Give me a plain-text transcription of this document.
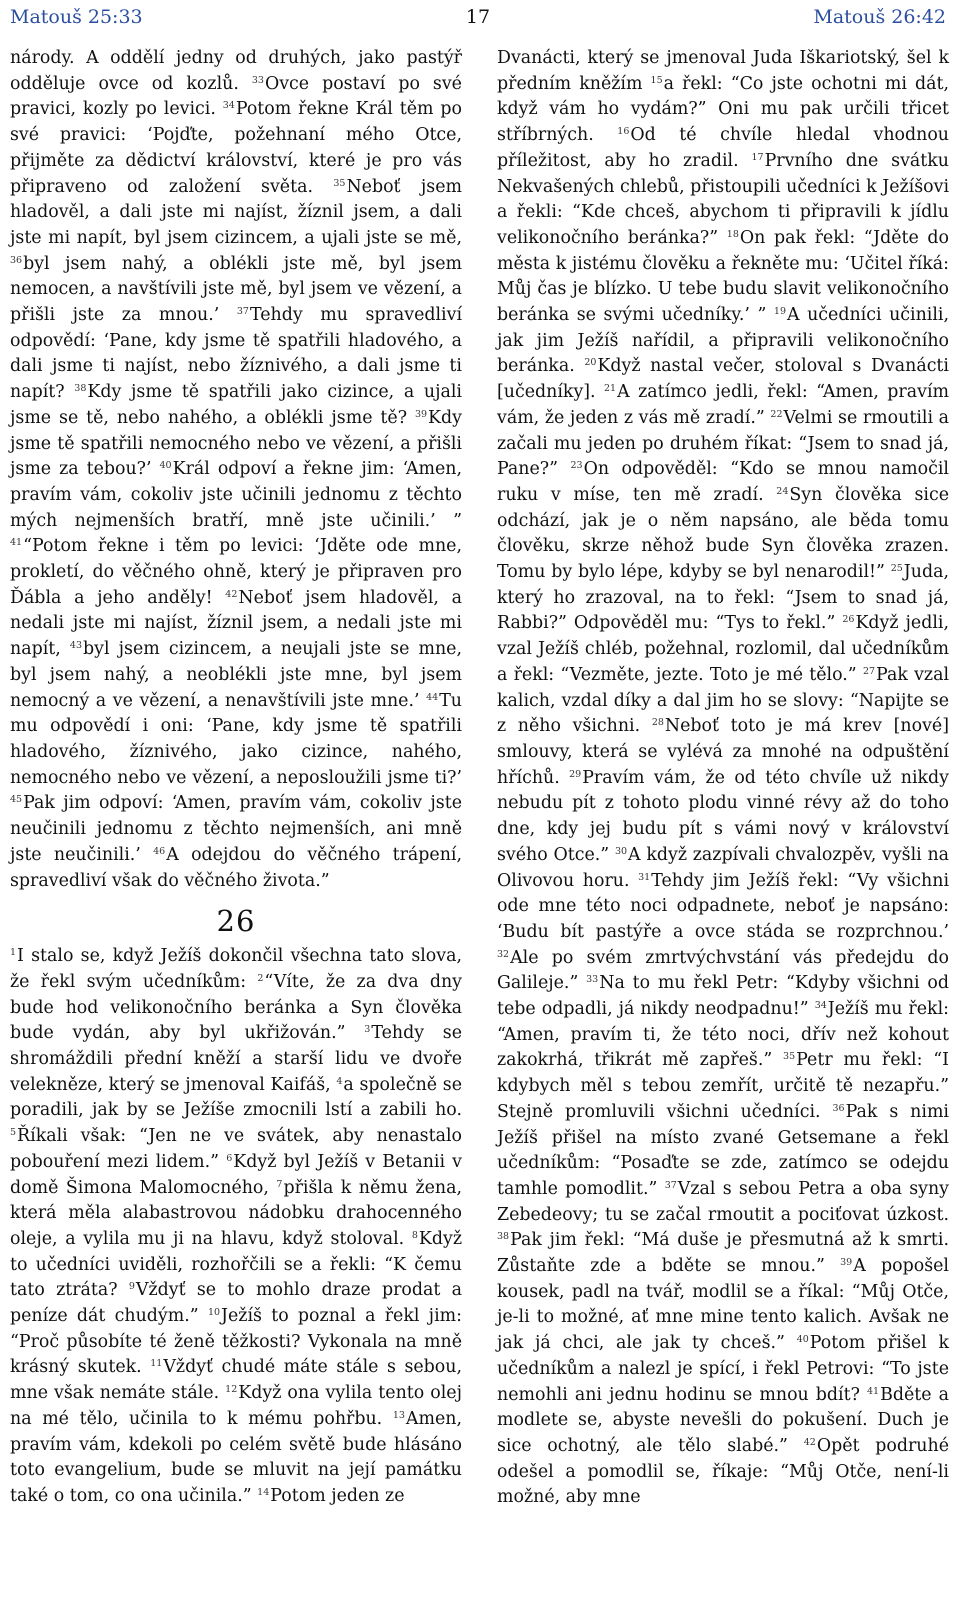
Matouš 25:33	17	Matouš 26:42

národy. A oddělí jedny od druhých, jako pastýř odděluje ovce od kozlů. $^{33}$Ovce postaví po své pravici, kozly po levici. $^{34}$Potom řekne Král těm po své pravici: ‘Pojďte, požehnaní mého Otce, přijměte za dědictví království, které je pro vás připraveno od založení světa. $^{35}$Neboť jsem hladověl, a dali jste mi najíst, žíznil jsem, a dali jste mi napít, byl jsem cizincem, a ujali jste se mě, $^{36}$byl jsem nahý, a oblékli jste mě, byl jsem nemocen, a navštívili jste mě, byl jsem ve vězení, a přišli jste za mnou.’ $^{37}$Tehdy mu spravedliví odpovědí: ‘Pane, kdy jsme tě spatřili hladového, a dali jsme ti najíst, nebo žíznivého, a dali jsme ti napít? $^{38}$Kdy jsme tě spatřili jako cizince, a ujali jsme se tě, nebo nahého, a oblékli jsme tě? $^{39}$Kdy jsme tě spatřili nemocného nebo ve vězení, a přišli jsme za tebou?’ $^{40}$Král odpoví a řekne jim: ‘Amen, pravím vám, cokoliv jste učinili jednomu z těchto mých nejmenších bratří, mně jste učinili.’ ” $^{41}$“Potom řekne i těm po levici: ‘Jděte ode mne, prokletí, do věčného ohně, který je připraven pro Ďábla a jeho anděly! $^{42}$Neboť jsem hladověl, a nedali jste mi najíst, žíznil jsem, a nedali jste mi napít, $^{43}$byl jsem cizincem, a neujali jste se mne, byl jsem nahý, a neoblékli jste mne, byl jsem nemocný a ve vězení, a nenavštívili jste mne.’ $^{44}$Tu mu odpovědí i oni: ‘Pane, kdy jsme tě spatřili hladového, žíznivého, jako cizince, nahého, nemocného nebo ve vězení, a neposloužili jsme ti?’ $^{45}$Pak jim odpoví: ‘Amen, pravím vám, cokoliv jste neučinili jednomu z těchto nejmenších, ani mně jste neučinili.’ $^{46}$A odejdou do věčného trápení, spravedliví však do věčného života.”

26

$^1$I stalo se, když Ježíš dokončil všechna tato slova, že řekl svým učedníkům: $^2$“Víte, že za dva dny bude hod velikonočního beránka a Syn člověka bude vydán, aby byl ukřižován.” $^3$Tehdy se shromáždili přední kněží a starší lidu ve dvoře velekněze, který se jmenoval Kaifáš, $^4$a společně se poradili, jak by se Ježíše zmocnili lstí a zabili ho. $^5$Říkali však: “Jen ne ve svátek, aby nenastalo pobouření mezi lidem.” $^6$Když byl Ježíš v Betanii v domě Šimona Malomocného, $^7$přišla k němu žena, která měla alabastrovou nádobku drahocenného oleje, a vylila mu ji na hlavu, když stoloval. $^8$Když to učedníci uviděli, rozhořčili se a řekli: “K čemu tato ztráta? $^9$Vždyť se to mohlo draze prodat a peníze dát chudým.” $^{10}$Ježíš to poznal a řekl jim: “Proč působíte té ženě těžkosti? Vykonala na mně krásný skutek. $^{11}$Vždyť chudé máte stále s sebou, mne však nemáte stále. $^{12}$Když ona vylila tento olej na mé tělo, učinila to k mému pohřbu. $^{13}$Amen, pravím vám, kdekoli po celém světě bude hlásáno toto evangelium, bude se mluvit na její památku také o tom, co ona učinila.” $^{14}$Potom jeden ze

Dvanácti, který se jmenoval Juda Iškariotský, šel k předním kněžím $^{15}$a řekl: “Co jste ochotni mi dát, když vám ho vydám?” Oni mu pak určili třicet stříbrných. $^{16}$Od té chvíle hledal vhodnou příležitost, aby ho zradil. $^{17}$Prvního dne svátku Nekvašených chlebů, přistoupili učedníci k Ježíšovi a řekli: “Kde chceš, abychom ti připravili k jídlu velikonočního beránka?” $^{18}$On pak řekl: “Jděte do města k jistému člověku a řekněte mu: ‘Učitel říká: Můj čas je blízko. U tebe budu slavit velikonočního beránka se svými učedníky.’ ” $^{19}$A učedníci učinili, jak jim Ježíš nařídil, a připravili velikonočního beránka. $^{20}$Když nastal večer, stoloval s Dvanácti [učedníky]. $^{21}$A zatímco jedli, řekl: “Amen, pravím vám, že jeden z vás mě zradí.” $^{22}$Velmi se rmoutili a začali mu jeden po druhém říkat: “Jsem to snad já, Pane?” $^{23}$On odpověděl: “Kdo se mnou namočil ruku v míse, ten mě zradí. $^{24}$Syn člověka sice odchází, jak je o něm napsáno, ale běda tomu člověku, skrze něhož bude Syn člověka zrazen. Tomu by bylo lépe, kdyby se byl nenarodil!” $^{25}$Juda, který ho zrazoval, na to řekl: “Jsem to snad já, Rabbi?” Odpověděl mu: “Tys to řekl.” $^{26}$Když jedli, vzal Ježíš chléb, požehnal, rozlomil, dal učedníkům a řekl: “Vezměte, jezte. Toto je mé tělo.” $^{27}$Pak vzal kalich, vzdal díky a dal jim ho se slovy: “Napijte se z něho všichni. $^{28}$Neboť toto je má krev [nové] smlouvy, která se vylévá za mnohé na odpuštění hříchů. $^{29}$Pravím vám, že od této chvíle už nikdy nebudu pít z tohoto plodu vinné révy až do toho dne, kdy jej budu pít s vámi nový v království svého Otce.” $^{30}$A když zazpívali chvalozpěv, vyšli na Olivovou horu. $^{31}$Tehdy jim Ježíš řekl: “Vy všichni ode mne této noci odpadnete, neboť je napsáno: ‘Budu bít pastýře a ovce stáda se rozprchnou.’ $^{32}$Ale po svém zmrtvýchvstání vás předejdu do Galileje.” $^{33}$Na to mu řekl Petr: “Kdyby všichni od tebe odpadli, já nikdy neodpadnu!” $^{34}$Ježíš mu řekl: “Amen, pravím ti, že této noci, dřív než kohout zakokrhá, třikrát mě zapřeš.” $^{35}$Petr mu řekl: “I kdybych měl s tebou zemřít, určitě tě nezapřu.” Stejně promluvili všichni učedníci. $^{36}$Pak s nimi Ježíš přišel na místo zvané Getsemane a řekl učedníkům: “Posaďte se zde, zatímco se odejdu tamhle pomodlit.” $^{37}$Vzal s sebou Petra a oba syny Zebedeovy; tu se začal rmoutit a pociťovat úzkost. $^{38}$Pak jim řekl: “Má duše je přesmutná až k smrti. Zůstaňte zde a bděte se mnou.” $^{39}$A popošel kousek, padl na tvář, modlil se a říkal: “Můj Otče, je-li to možné, ať mne mine tento kalich. Avšak ne jak já chci, ale jak ty chceš.” $^{40}$Potom přišel k učedníkům a nalezl je spící, i řekl Petrovi: “To jste nemohli ani jednu hodinu se mnou bdít? $^{41}$Bděte a modlete se, abyste nevešli do pokušení. Duch je sice ochotný, ale tělo slabé.” $^{42}$Opět podruhé odešel a pomodlil se, říkaje: “Můj Otče, není-li možné, aby mne
